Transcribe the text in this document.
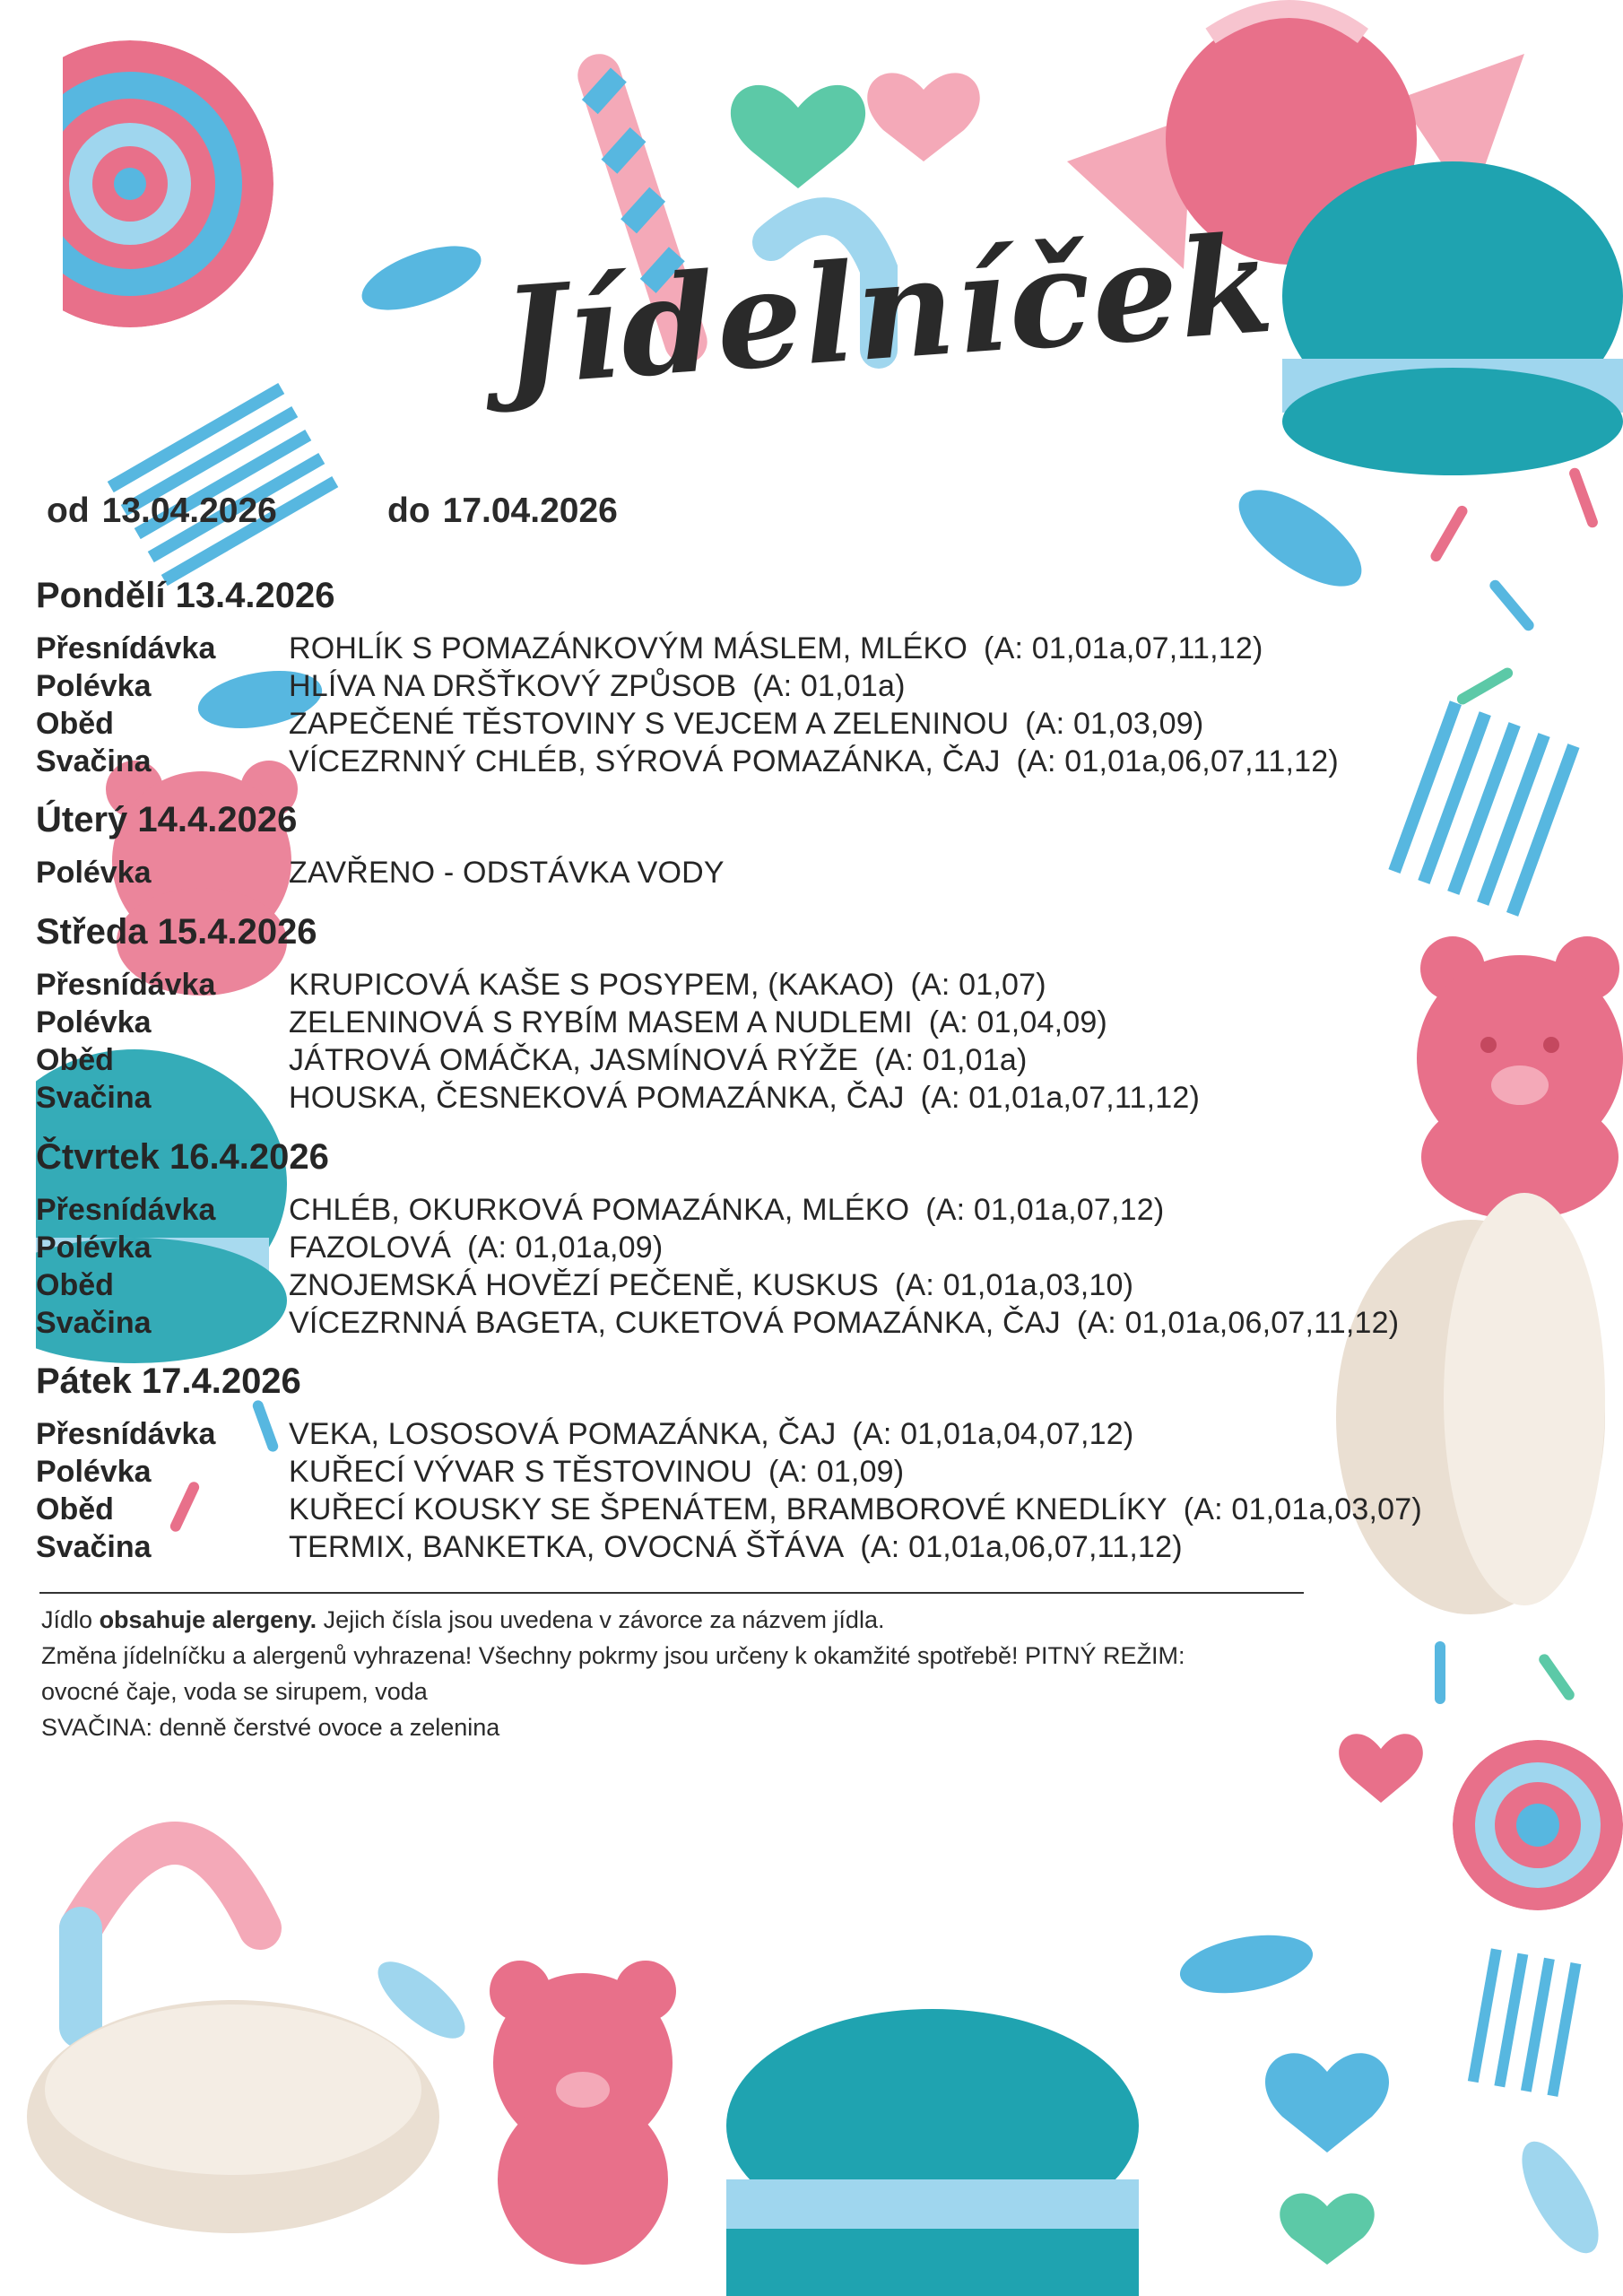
Jídelníček
od 13.04.2026	do 17.04.2026
Pondělí 13.4.2026
Přesnídávka ROHLÍK S POMAZÁNKOVÝM MÁSLEM, MLÉKO (A: 01,01a,07,11,12)
Polévka	HLÍVA NA DRŠŤKOVÝ ZPŮSOB (A: 01,01a)
Oběd	ZAPEČENÉ TĚSTOVINY S VEJCEM A ZELENINOU (A: 01,03,09)
Svačina	VÍCEZRNNÝ CHLÉB, SÝROVÁ POMAZÁNKA, ČAJ (A: 01,01a,06,07,11,12)
Úterý 14.4.2026
Polévka	ZAVŘENO - ODSTÁVKA VODY
Středa 15.4.2026
Přesnídávka KRUPICOVÁ KAŠE S POSYPEM, (KAKAO) (A: 01,07)
Polévka	ZELENINOVÁ S RYBÍM MASEM A NUDLEMI (A: 01,04,09)
Oběd	JÁTROVÁ OMÁČKA, JASMÍNOVÁ RÝŽE (A: 01,01a)
Svačina	HOUSKA, ČESNEKOVÁ POMAZÁNKA, ČAJ (A: 01,01a,07,11,12)
Čtvrtek 16.4.2026
Přesnídávka CHLÉB, OKURKOVÁ POMAZÁNKA, MLÉKO (A: 01,01a,07,12)
Polévka	FAZOLOVÁ (A: 01,01a,09)
Oběd	ZNOJEMSKÁ HOVĚZÍ PEČENĚ, KUSKUS (A: 01,01a,03,10)
Svačina	VÍCEZRNNÁ BAGETA, CUKETOVÁ POMAZÁNKA, ČAJ (A: 01,01a,06,07,11,12)
Pátek 17.4.2026
Přesnídávka VEKA, LOSOSOVÁ POMAZÁNKA, ČAJ (A: 01,01a,04,07,12)
Polévka	KUŘECÍ VÝVAR S TĚSTOVINOU (A: 01,09)
Oběd	KUŘECÍ KOUSKY SE ŠPENÁTEM, BRAMBOROVÉ KNEDLÍKY (A: 01,01a,03,07)
Svačina	TERMIX, BANKETKA, OVOCNÁ ŠŤÁVA (A: 01,01a,06,07,11,12)

Jídlo obsahuje alergeny. Jejich čísla jsou uvedena v závorce za názvem jídla.

Změna jídelníčku a alergenů vyhrazena! Všechny pokrmy jsou určeny k okamžité spotřebě! PITNÝ REŽIM:

ovocné čaje, voda se sirupem, voda

SVAČINA: denně čerstvé ovoce a zelenina
